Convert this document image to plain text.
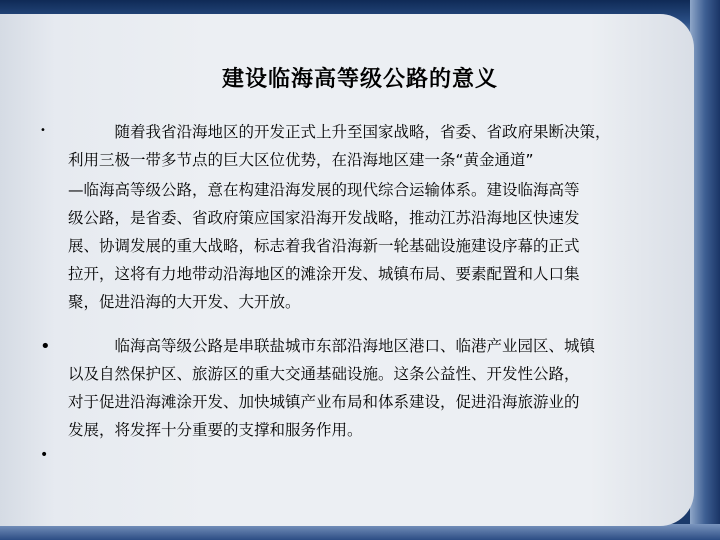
建设临海高等级公路的意义
•
•
•
　　　随着我省沿海地区的开发正式上升至国家战略，省委、省政府果断决策，
利用三极一带多节点的巨大区位优势，在沿海地区建一条“黄金通道”
—临海高等级公路，意在构建沿海发展的现代综合运输体系。建设临海高等
级公路，是省委、省政府策应国家沿海开发战略，推动江苏沿海地区快速发
展、协调发展的重大战略，标志着我省沿海新一轮基础设施建设序幕的正式
拉开，这将有力地带动沿海地区的滩涂开发、城镇布局、要素配置和人口集
聚，促进沿海的大开发、大开放。
　　　临海高等级公路是串联盐城市东部沿海地区港口、临港产业园区、城镇
以及自然保护区、旅游区的重大交通基础设施。这条公益性、开发性公路，
对于促进沿海滩涂开发、加快城镇产业布局和体系建设，促进沿海旅游业的
发展，将发挥十分重要的支撑和服务作用。
